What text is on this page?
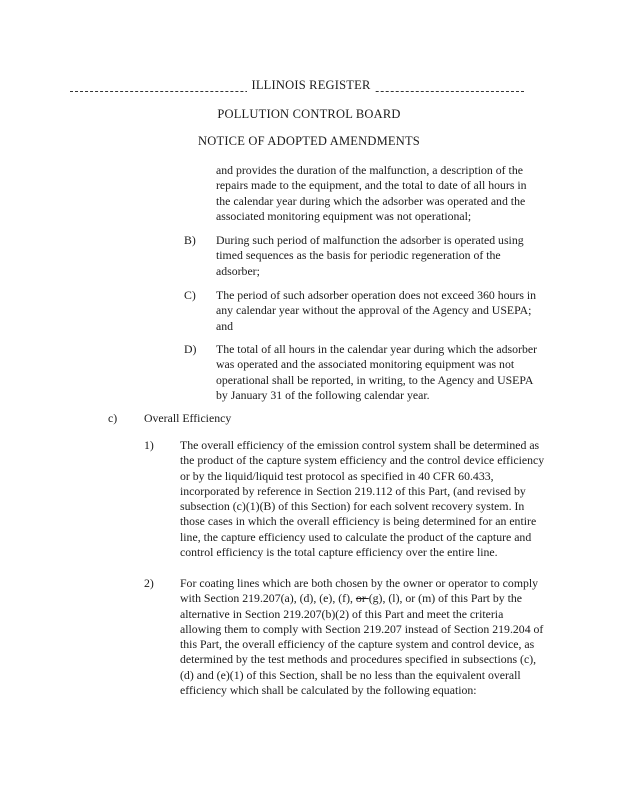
ILLINOIS REGISTER
POLLUTION CONTROL BOARD
NOTICE OF ADOPTED AMENDMENTS

and provides the duration of the malfunction, a description of the repairs made to the equipment, and the total to date of all hours in the calendar year during which the adsorber was operated and the associated monitoring equipment was not operational;

B) During such period of malfunction the adsorber is operated using timed sequences as the basis for periodic regeneration of the adsorber;

C) The period of such adsorber operation does not exceed 360 hours in any calendar year without the approval of the Agency and USEPA; and

D) The total of all hours in the calendar year during which the adsorber was operated and the associated monitoring equipment was not operational shall be reported, in writing, to the Agency and USEPA by January 31 of the following calendar year.

c) Overall Efficiency
1) The overall efficiency of the emission control system shall be determined as the product of the capture system efficiency and the control device efficiency or by the liquid/liquid test protocol as specified in 40 CFR 60.433, incorporated by reference in Section 219.112 of this Part, (and revised by subsection (c)(1)(B) of this Section) for each solvent recovery system. In those cases in which the overall efficiency is being determined for an entire line, the capture efficiency used to calculate the product of the capture and control efficiency is the total capture efficiency over the entire line.

2) For coating lines which are both chosen by the owner or operator to comply with Section 219.207(a), (d), (e), (f), or (g), (l), or (m) of this Part by the alternative in Section 219.207(b)(2) of this Part and meet the criteria allowing them to comply with Section 219.207 instead of Section 219.204 of this Part, the overall efficiency of the capture system and control device, as determined by the test methods and procedures specified in subsections (c), (d) and (e)(1) of this Section, shall be no less than the equivalent overall efficiency which shall be calculated by the following equation:
